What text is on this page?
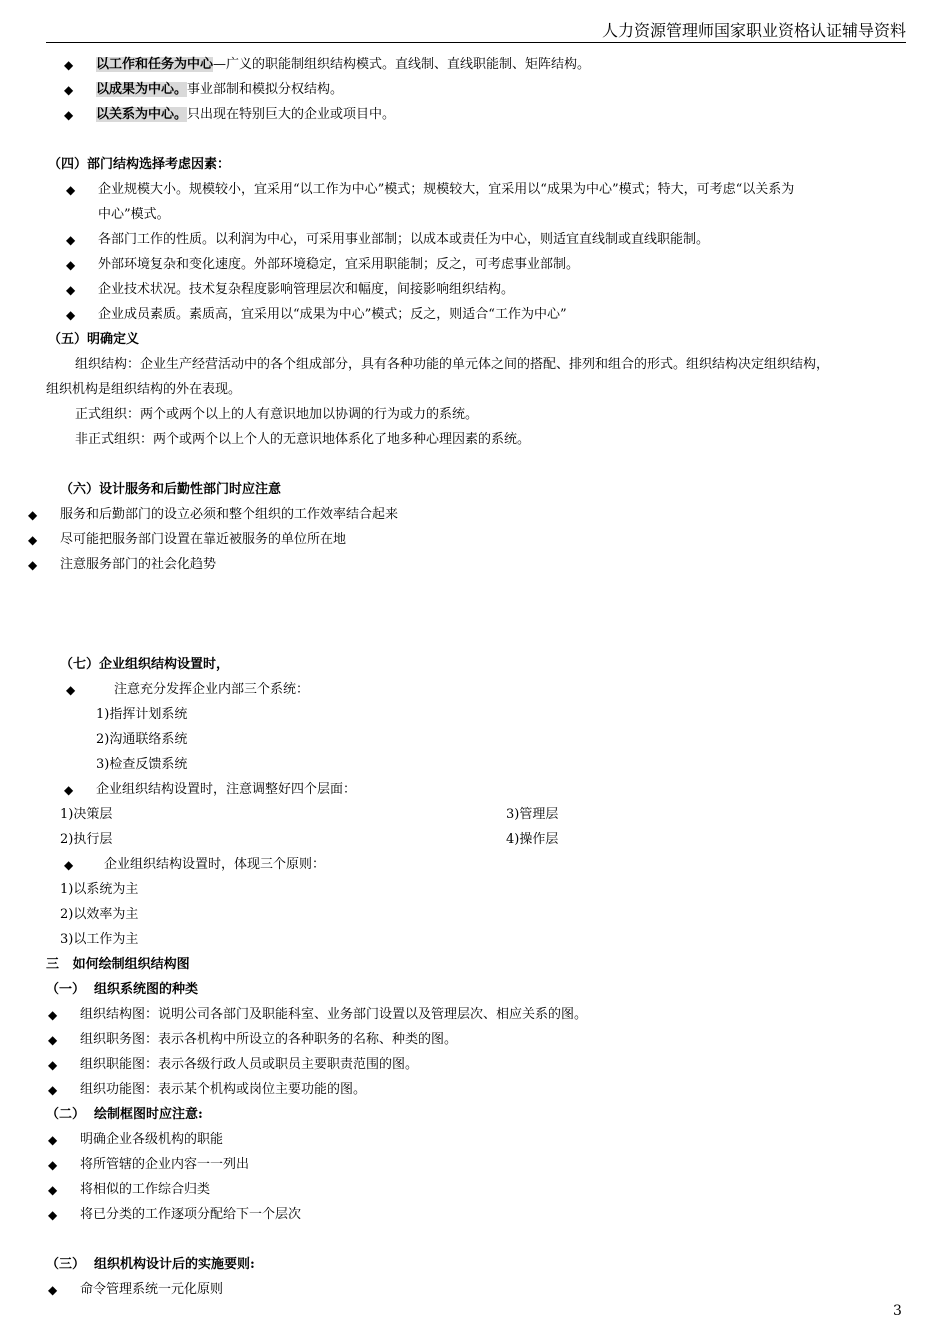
人力资源管理师国家职业资格认证辅导资料
◆ 以工作和任务为中心—广义的职能制组织结构模式。直线制、直线职能制、矩阵结构。
◆ 以成果为中心。事业部制和模拟分权结构。
◆ 以关系为中心。只出现在特别巨大的企业或项目中。
（四）部门结构选择考虑因素：
◆ 企业规模大小。规模较小，宜采用“以工作为中心”模式；规模较大，宜采用以“成果为中心”模式；特大，可考虑“以关系为
中心”模式。
◆ 各部门工作的性质。以利润为中心，可采用事业部制；以成本或责任为中心，则适宜直线制或直线职能制。
◆ 外部环境复杂和变化速度。外部环境稳定，宜采用职能制；反之，可考虑事业部制。
◆ 企业技术状况。技术复杂程度影响管理层次和幅度，间接影响组织结构。
◆ 企业成员素质。素质高，宜采用以“成果为中心”模式；反之，则适合“工作为中心”
（五）明确定义
组织结构：企业生产经营活动中的各个组成部分，具有各种功能的单元体之间的搭配、排列和组合的形式。组织结构决定组织结构，
组织机构是组织结构的外在表现。
正式组织：两个或两个以上的人有意识地加以协调的行为或力的系统。
非正式组织：两个或两个以上个人的无意识地体系化了地多种心理因素的系统。
（六）设计服务和后勤性部门时应注意
◆ 服务和后勤部门的设立必须和整个组织的工作效率结合起来
◆ 尽可能把服务部门设置在靠近被服务的单位所在地
◆ 注意服务部门的社会化趋势
（七）企业组织结构设置时，
◆	注意充分发挥企业内部三个系统：
1)指挥计划系统
2)沟通联络系统
3)检查反馈系统
◆ 企业组织结构设置时，注意调整好四个层面：
1)决策层	3)管理层
2)执行层	4)操作层
◆ 企业组织结构设置时，体现三个原则：
1)以系统为主
2)以效率为主
3)以工作为主
三   如何绘制组织结构图
（一）  组织系统图的种类
◆ 组织结构图：说明公司各部门及职能科室、业务部门设置以及管理层次、相应关系的图。
◆ 组织职务图：表示各机构中所设立的各种职务的名称、种类的图。
◆ 组织职能图：表示各级行政人员或职员主要职责范围的图。
◆ 组织功能图：表示某个机构或岗位主要功能的图。
（二）  绘制框图时应注意:
◆ 明确企业各级机构的职能
◆ 将所管辖的企业内容一一列出
◆ 将相似的工作综合归类
◆ 将已分类的工作逐项分配给下一个层次
（三）  组织机构设计后的实施要则:
◆ 命令管理系统一元化原则
3
